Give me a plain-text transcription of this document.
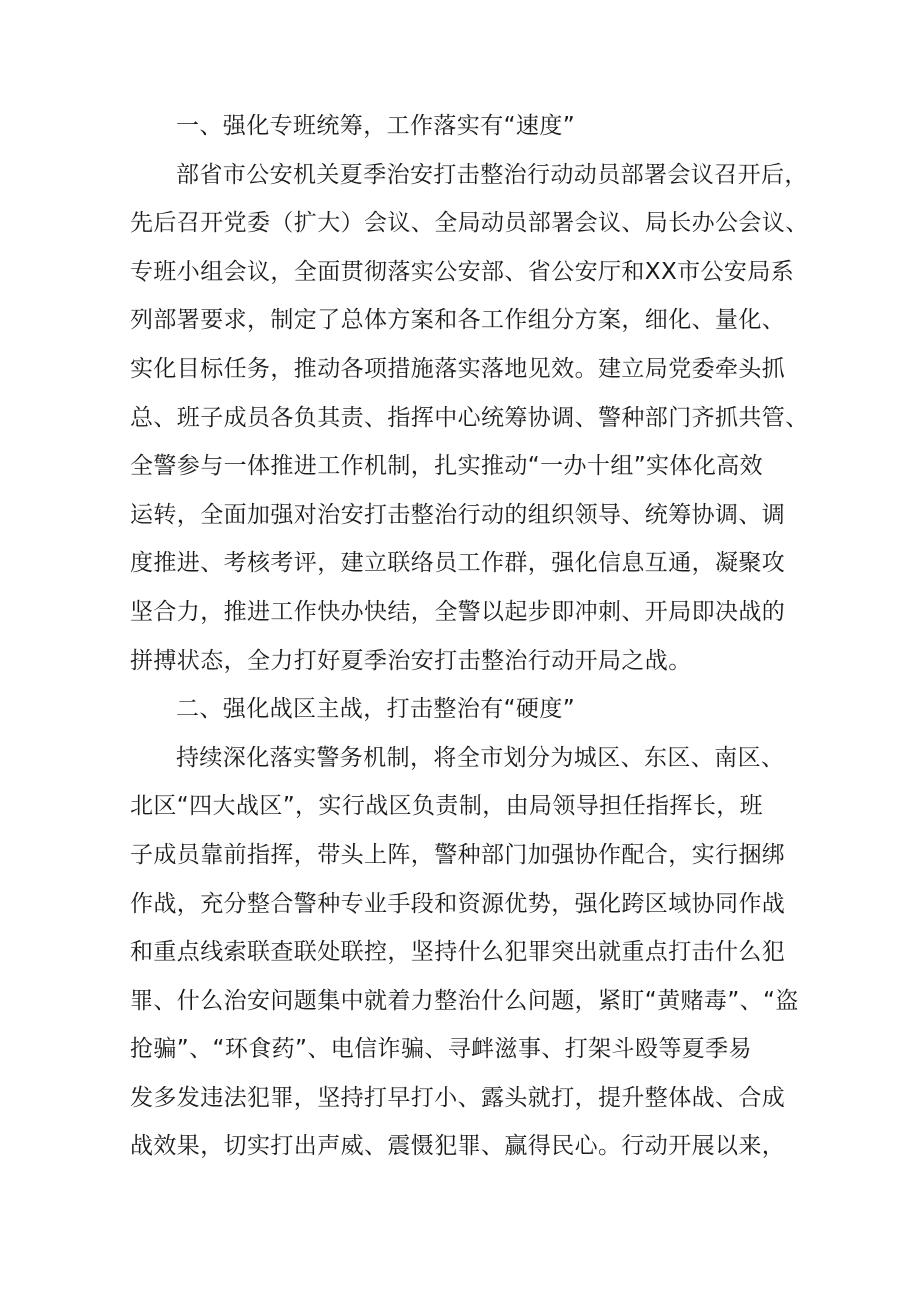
一、强化专班统筹，工作落实有“速度”
部省市公安机关夏季治安打击整治行动动员部署会议召开后，
先后召开党委（扩大）会议、全局动员部署会议、局长办公会议、
专班小组会议，全面贯彻落实公安部、省公安厅和XX市公安局系
列部署要求，制定了总体方案和各工作组分方案，细化、量化、
实化目标任务，推动各项措施落实落地见效。建立局党委牵头抓
总、班子成员各负其责、指挥中心统筹协调、警种部门齐抓共管、
全警参与一体推进工作机制，扎实推动“一办十组”实体化高效
运转，全面加强对治安打击整治行动的组织领导、统筹协调、调
度推进、考核考评，建立联络员工作群，强化信息互通，凝聚攻
坚合力，推进工作快办快结，全警以起步即冲刺、开局即决战的
拼搏状态，全力打好夏季治安打击整治行动开局之战。
二、强化战区主战，打击整治有“硬度”
持续深化落实警务机制，将全市划分为城区、东区、南区、
北区“四大战区”，实行战区负责制，由局领导担任指挥长，班
子成员靠前指挥，带头上阵，警种部门加强协作配合，实行捆绑
作战，充分整合警种专业手段和资源优势，强化跨区域协同作战
和重点线索联查联处联控，坚持什么犯罪突出就重点打击什么犯
罪、什么治安问题集中就着力整治什么问题，紧盯“黄赌毒”、“盗
抢骗”、“环食药”、电信诈骗、寻衅滋事、打架斗殴等夏季易
发多发违法犯罪，坚持打早打小、露头就打，提升整体战、合成
战效果，切实打出声威、震慑犯罪、赢得民心。行动开展以来，
